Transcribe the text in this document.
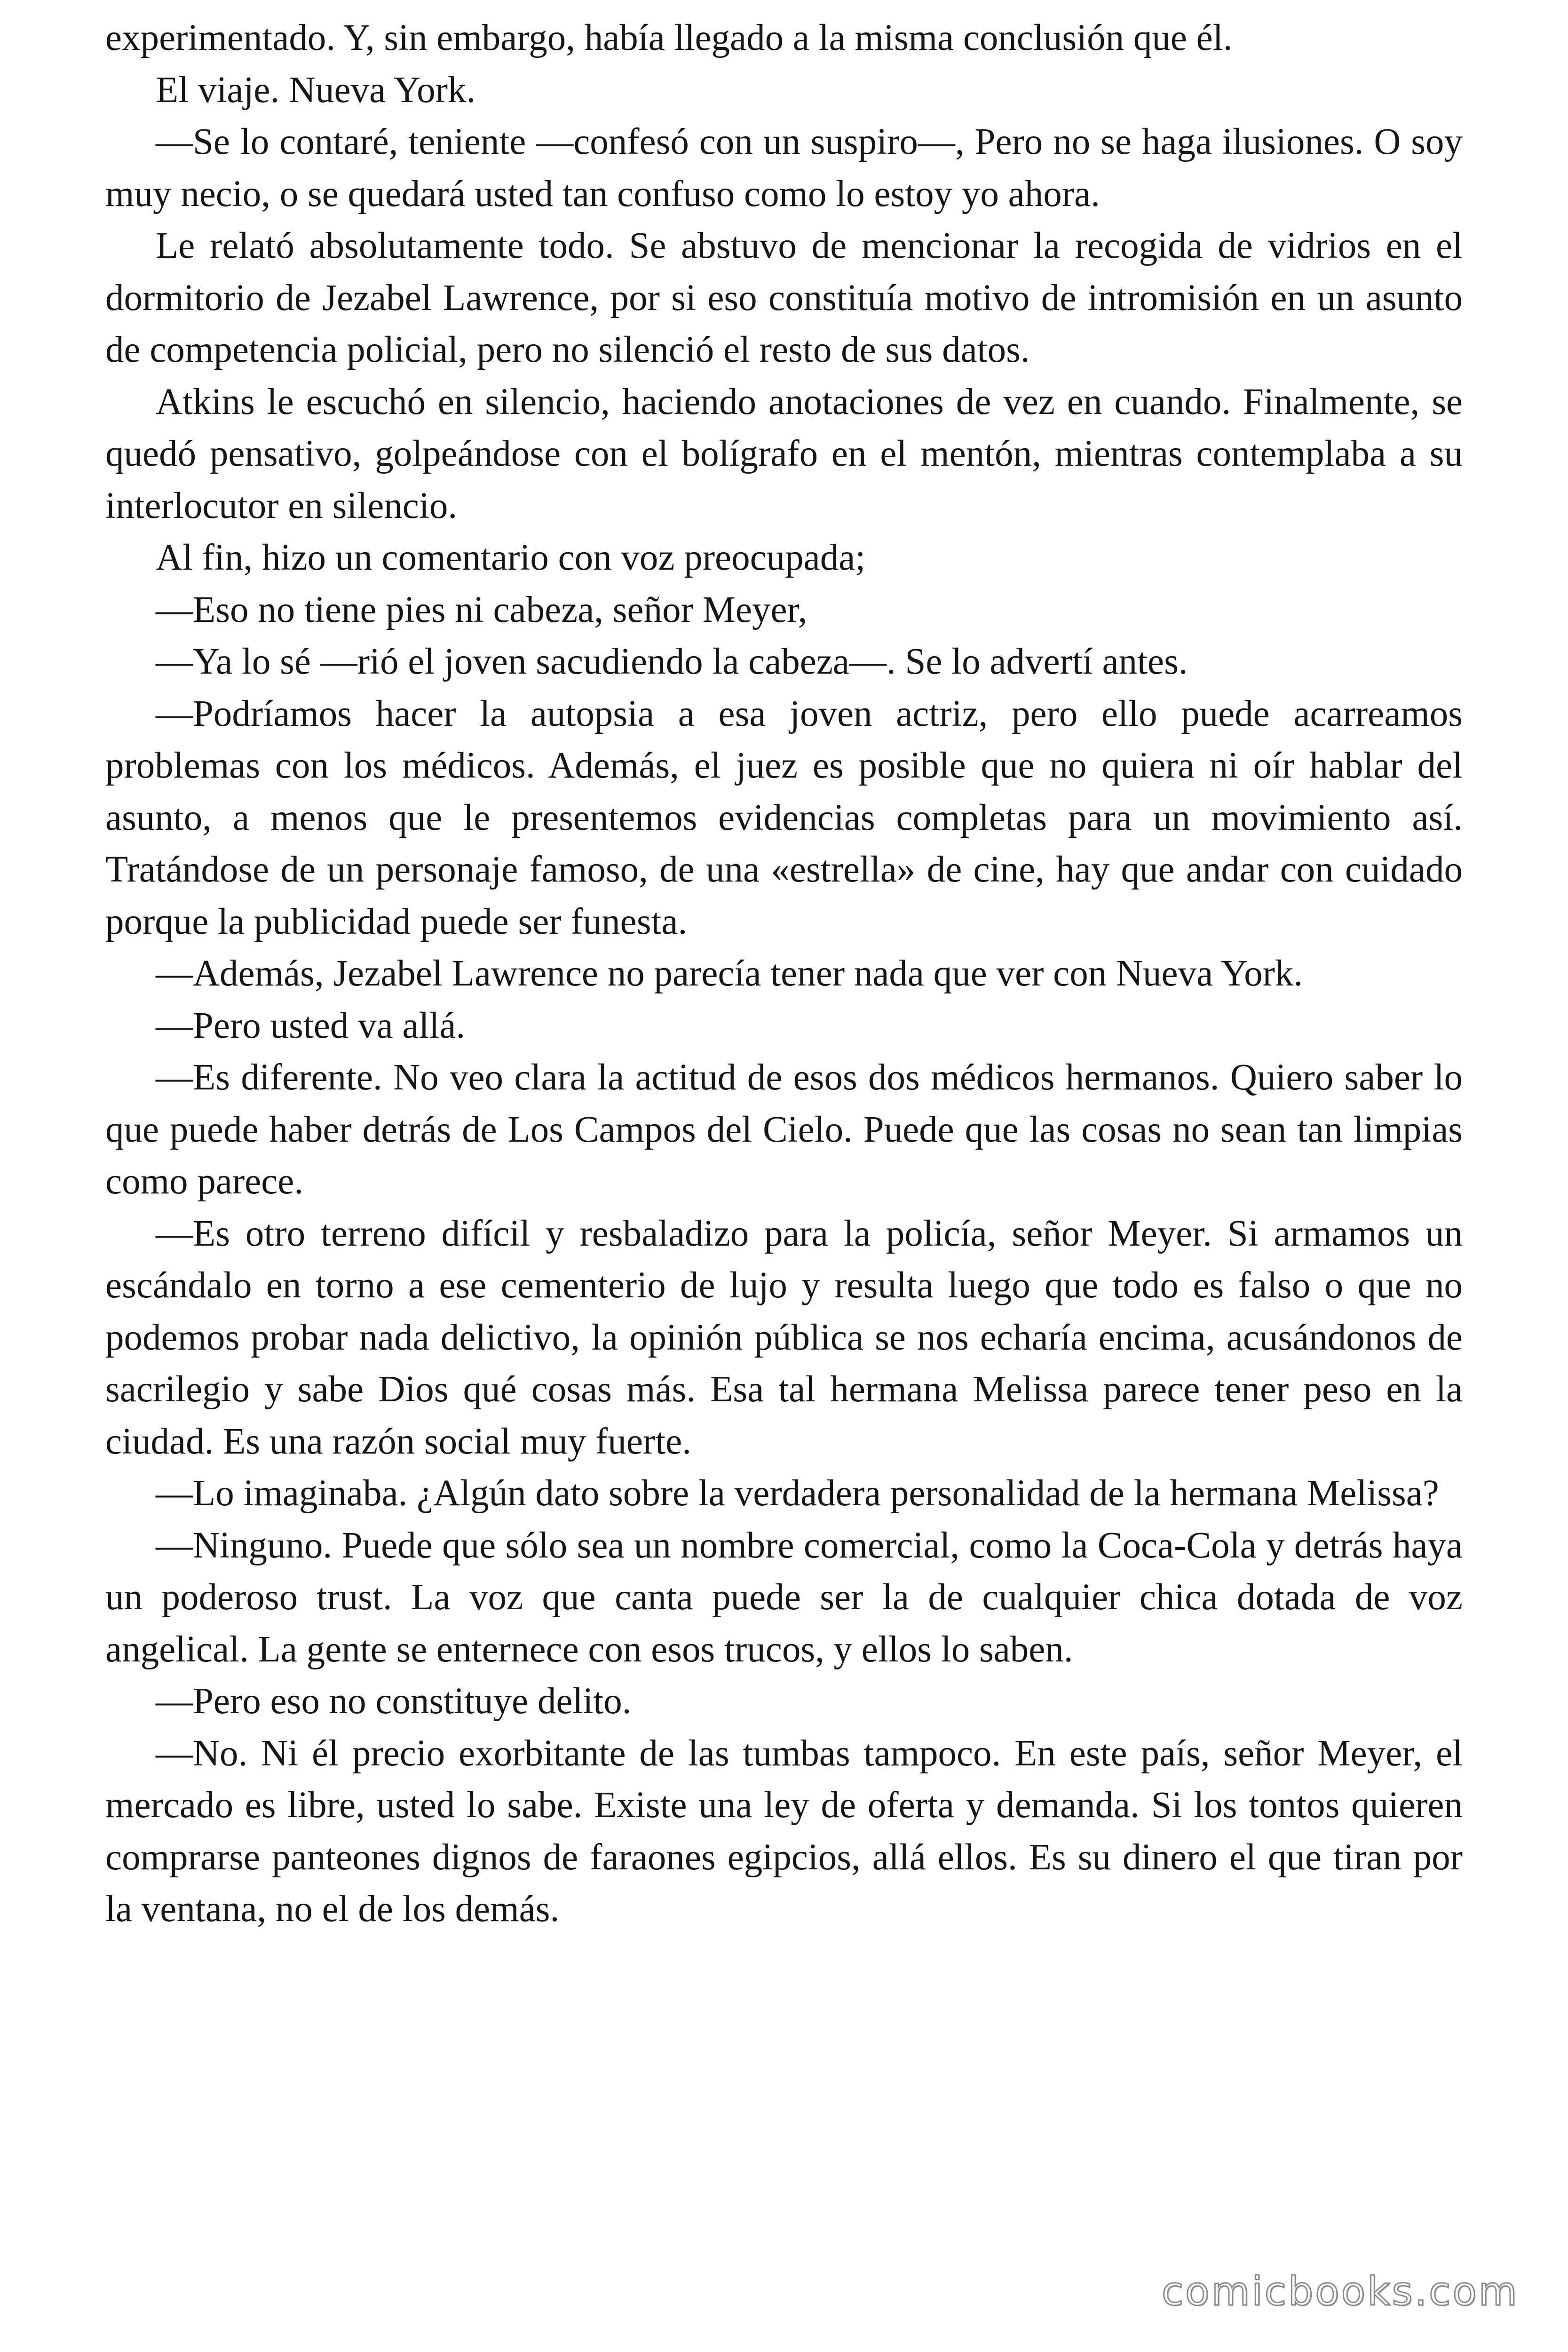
experimentado. Y, sin embargo, había llegado a la misma conclusión que él.

El viaje. Nueva York.

—Se lo contaré, teniente —confesó con un suspiro—, Pero no se haga ilusiones. O soy muy necio, o se quedará usted tan confuso como lo estoy yo ahora.

Le relató absolutamente todo. Se abstuvo de mencionar la recogida de vidrios en el dormitorio de Jezabel Lawrence, por si eso constituía motivo de intromisión en un asunto de competencia policial, pero no silenció el resto de sus datos.

Atkins le escuchó en silencio, haciendo anotaciones de vez en cuando. Finalmente, se quedó pensativo, golpeándose con el bolígrafo en el mentón, mientras contemplaba a su interlocutor en silencio.

Al fin, hizo un comentario con voz preocupada;

—Eso no tiene pies ni cabeza, señor Meyer,

—Ya lo sé —rió el joven sacudiendo la cabeza—. Se lo advertí antes.

—Podríamos hacer la autopsia a esa joven actriz, pero ello puede acarreamos problemas con los médicos. Además, el juez es posible que no quiera ni oír hablar del asunto, a menos que le presentemos evidencias completas para un movimiento así. Tratándose de un personaje famoso, de una «estrella» de cine, hay que andar con cuidado porque la publicidad puede ser funesta.

—Además, Jezabel Lawrence no parecía tener nada que ver con Nueva York.

—Pero usted va allá.

—Es diferente. No veo clara la actitud de esos dos médicos hermanos. Quiero saber lo que puede haber detrás de Los Campos del Cielo. Puede que las cosas no sean tan limpias como parece.

—Es otro terreno difícil y resbaladizo para la policía, señor Meyer. Si armamos un escándalo en torno a ese cementerio de lujo y resulta luego que todo es falso o que no podemos probar nada delictivo, la opinión pública se nos echaría encima, acusándonos de sacrilegio y sabe Dios qué cosas más. Esa tal hermana Melissa parece tener peso en la ciudad. Es una razón social muy fuerte.

—Lo imaginaba. ¿Algún dato sobre la verdadera personalidad de la hermana Melissa?

—Ninguno. Puede que sólo sea un nombre comercial, como la Coca-Cola y detrás haya un poderoso trust. La voz que canta puede ser la de cualquier chica dotada de voz angelical. La gente se enternece con esos trucos, y ellos lo saben.

—Pero eso no constituye delito.

—No. Ni él precio exorbitante de las tumbas tampoco. En este país, señor Meyer, el mercado es libre, usted lo sabe. Existe una ley de oferta y demanda. Si los tontos quieren comprarse panteones dignos de faraones egipcios, allá ellos. Es su dinero el que tiran por la ventana, no el de los demás.

comicbooks.com
